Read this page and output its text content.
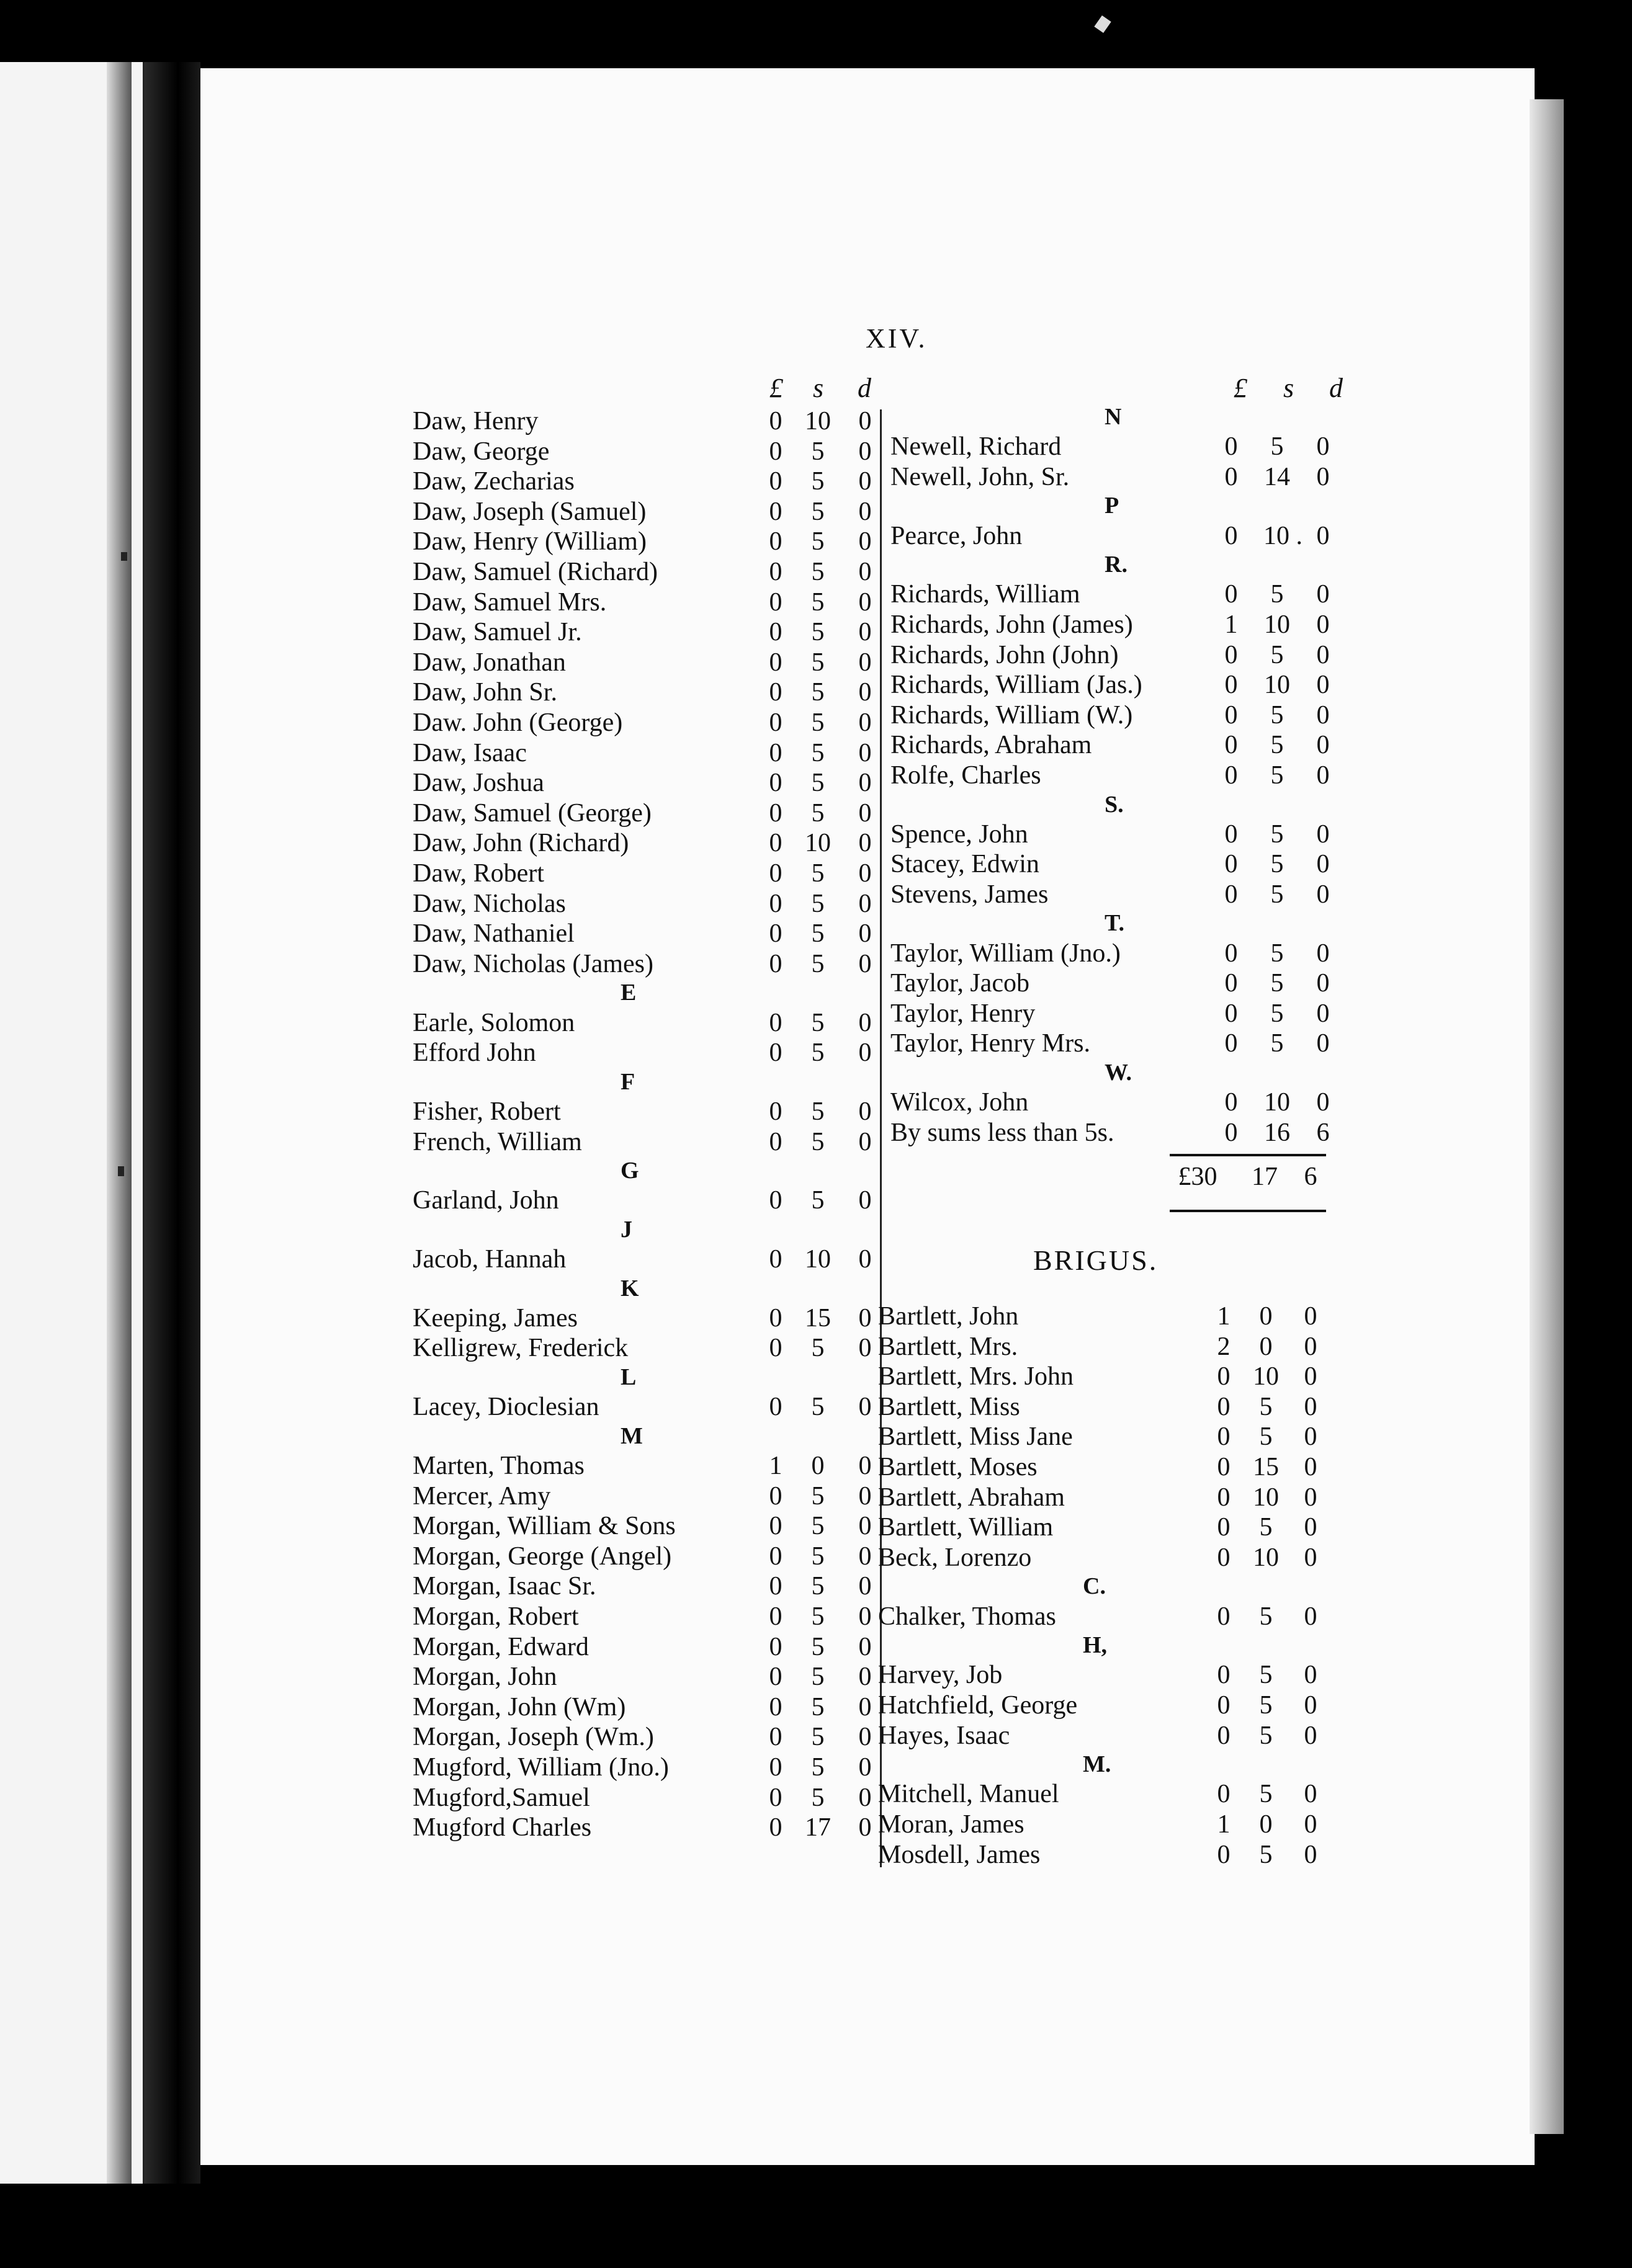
XIV.
£ s d	£ s d
Daw, Henry	0 10 0
Daw, George	0 5 0
Daw, Zecharias	0 5 0
Daw, Joseph (Samuel)	0 5 0
Daw, Henry (William)	0 5 0
Daw, Samuel (Richard)	0 5 0
Daw, Samuel Mrs.	0 5 0
Daw, Samuel Jr.	0 5 0
Daw, Jonathan	0 5 0
Daw, John Sr.	0 5 0
Daw. John (George)	0 5 0
Daw, Isaac	0 5 0
Daw, Joshua	0 5 0
Daw, Samuel (George)	0 5 0
Daw, John (Richard)	0 10 0
Daw, Robert	0 5 0
Daw, Nicholas	0 5 0
Daw, Nathaniel	0 5 0
Daw, Nicholas (James)	0 5 0
E
Earle, Solomon	0 5 0
Efford John	0 5 0
F
Fisher, Robert	0 5 0
French, William	0 5 0
G
Garland, John	0 5 0
J
Jacob, Hannah	0 10 0
K
Keeping, James	0 15 0
Kelligrew, Frederick	0 5 0
L
Lacey, Dioclesian	0 5 0
M
Marten, Thomas	1 0 0
Mercer, Amy	0 5 0
Morgan, William & Sons	0 5 0
Morgan, George (Angel)	0 5 0
Morgan, Isaac Sr.	0 5 0
Morgan, Robert	0 5 0
Morgan, Edward	0 5 0
Morgan, John	0 5 0
Morgan, John (Wm)	0 5 0
Morgan, Joseph (Wm.)	0 5 0
Mugford, William (Jno.)	0 5 0
Mugford,Samuel	0 5 0
Mugford Charles	0 17 0
N
Newell, Richard	0 5 0
Newell, John, Sr.	0 14 0
P
Pearce, John	0 10 . 0
R.
Richards, William	0 5 0
Richards, John (James)	1 10 0
Richards, John (John)	0 5 0
Richards, William (Jas.)	0 10 0
Richards, William (W.)	0 5 0
Richards, Abraham	0 5 0
Rolfe, Charles	0 5 0
S.
Spence, John	0 5 0
Stacey, Edwin	0 5 0
Stevens, James	0 5 0
T.
Taylor, William (Jno.)	0 5 0
Taylor, Jacob	0 5 0
Taylor, Henry	0 5 0
Taylor, Henry Mrs.	0 5 0
W.
Wilcox, John	0 10 0
By sums less than 5s.	0 16 6
£30 17 6
BRIGUS.
Bartlett, John	1 0 0
Bartlett, Mrs.	2 0 0
Bartlett, Mrs. John	0 10 0
Bartlett, Miss	0 5 0
Bartlett, Miss Jane	0 5 0
Bartlett, Moses	0 15 0
Bartlett, Abraham	0 10 0
Bartlett, William	0 5 0
Beck, Lorenzo	0 10 0
C.
Chalker, Thomas	0 5 0
H,
Harvey, Job	0 5 0
Hatchfield, George	0 5 0
Hayes, Isaac	0 5 0
M.
Mitchell, Manuel	0 5 0
Moran, James	1 0 0
Mosdell, James	0 5 0
